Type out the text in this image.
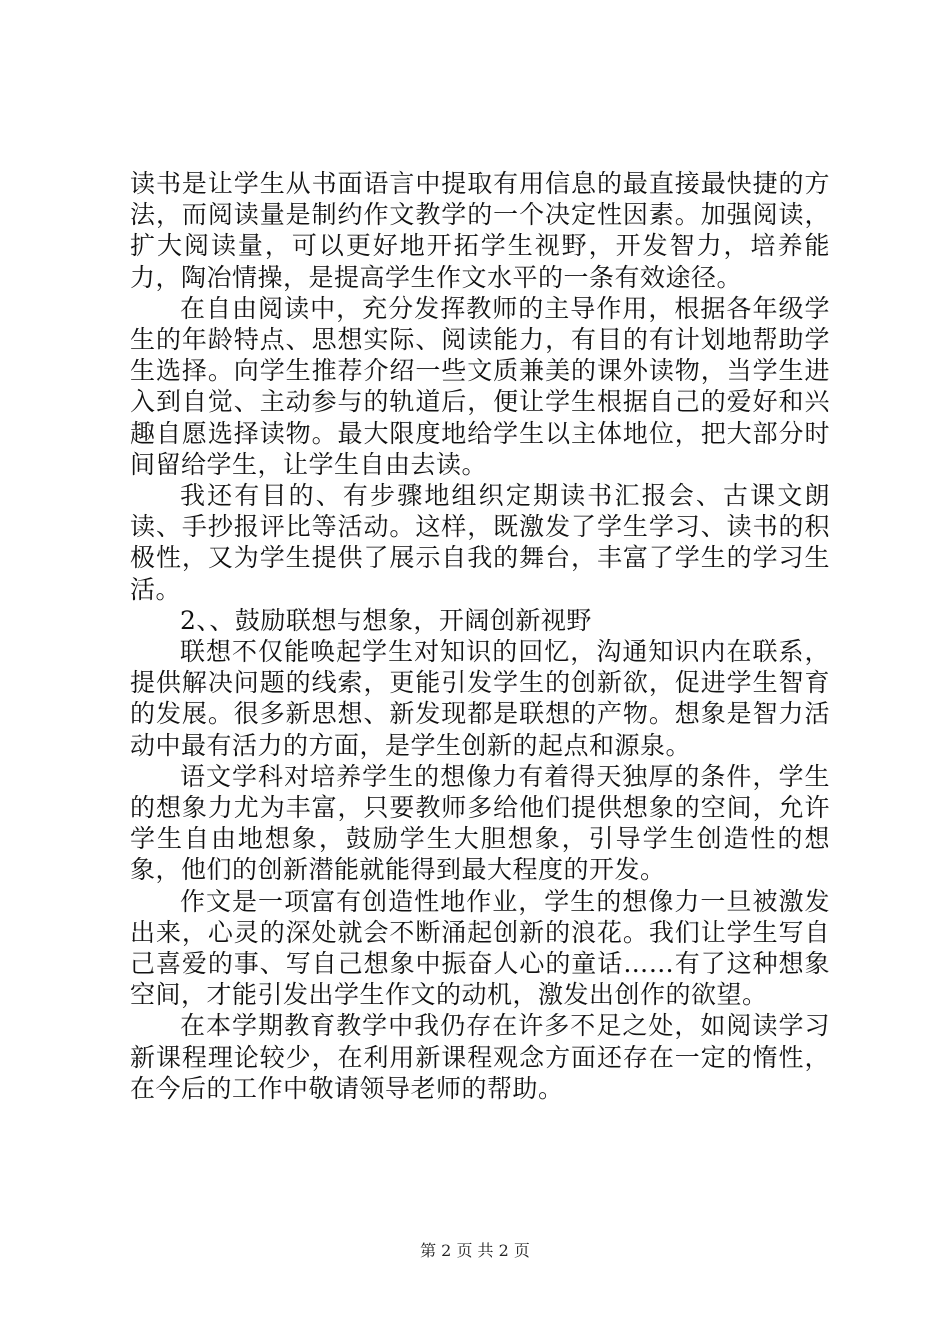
读书是让学生从书面语言中提取有用信息的最直接最快捷的方法，而阅读量是制约作文教学的一个决定性因素。加强阅读，扩大阅读量，可以更好地开拓学生视野，开发智力，培养能力，陶冶情操，是提高学生作文水平的一条有效途径。

在自由阅读中，充分发挥教师的主导作用，根据各年级学生的年龄特点、思想实际、阅读能力，有目的有计划地帮助学生选择。向学生推荐介绍一些文质兼美的课外读物，当学生进入到自觉、主动参与的轨道后，便让学生根据自己的爱好和兴趣自愿选择读物。最大限度地给学生以主体地位，把大部分时间留给学生，让学生自由去读。

我还有目的、有步骤地组织定期读书汇报会、古课文朗读、手抄报评比等活动。这样，既激发了学生学习、读书的积极性，又为学生提供了展示自我的舞台，丰富了学生的学习生活。

2、、鼓励联想与想象，开阔创新视野

联想不仅能唤起学生对知识的回忆，沟通知识内在联系，提供解决问题的线索，更能引发学生的创新欲，促进学生智育的发展。很多新思想、新发现都是联想的产物。想象是智力活动中最有活力的方面，是学生创新的起点和源泉。

语文学科对培养学生的想像力有着得天独厚的条件，学生的想象力尤为丰富，只要教师多给他们提供想象的空间，允许学生自由地想象，鼓励学生大胆想象，引导学生创造性的想象，他们的创新潜能就能得到最大程度的开发。

作文是一项富有创造性地作业，学生的想像力一旦被激发出来，心灵的深处就会不断涌起创新的浪花。我们让学生写自己喜爱的事、写自己想象中振奋人心的童话……有了这种想象空间，才能引发出学生作文的动机，激发出创作的欲望。

在本学期教育教学中我仍存在许多不足之处，如阅读学习新课程理论较少，在利用新课程观念方面还存在一定的惰性，在今后的工作中敬请领导老师的帮助。

第 2 页 共 2 页
